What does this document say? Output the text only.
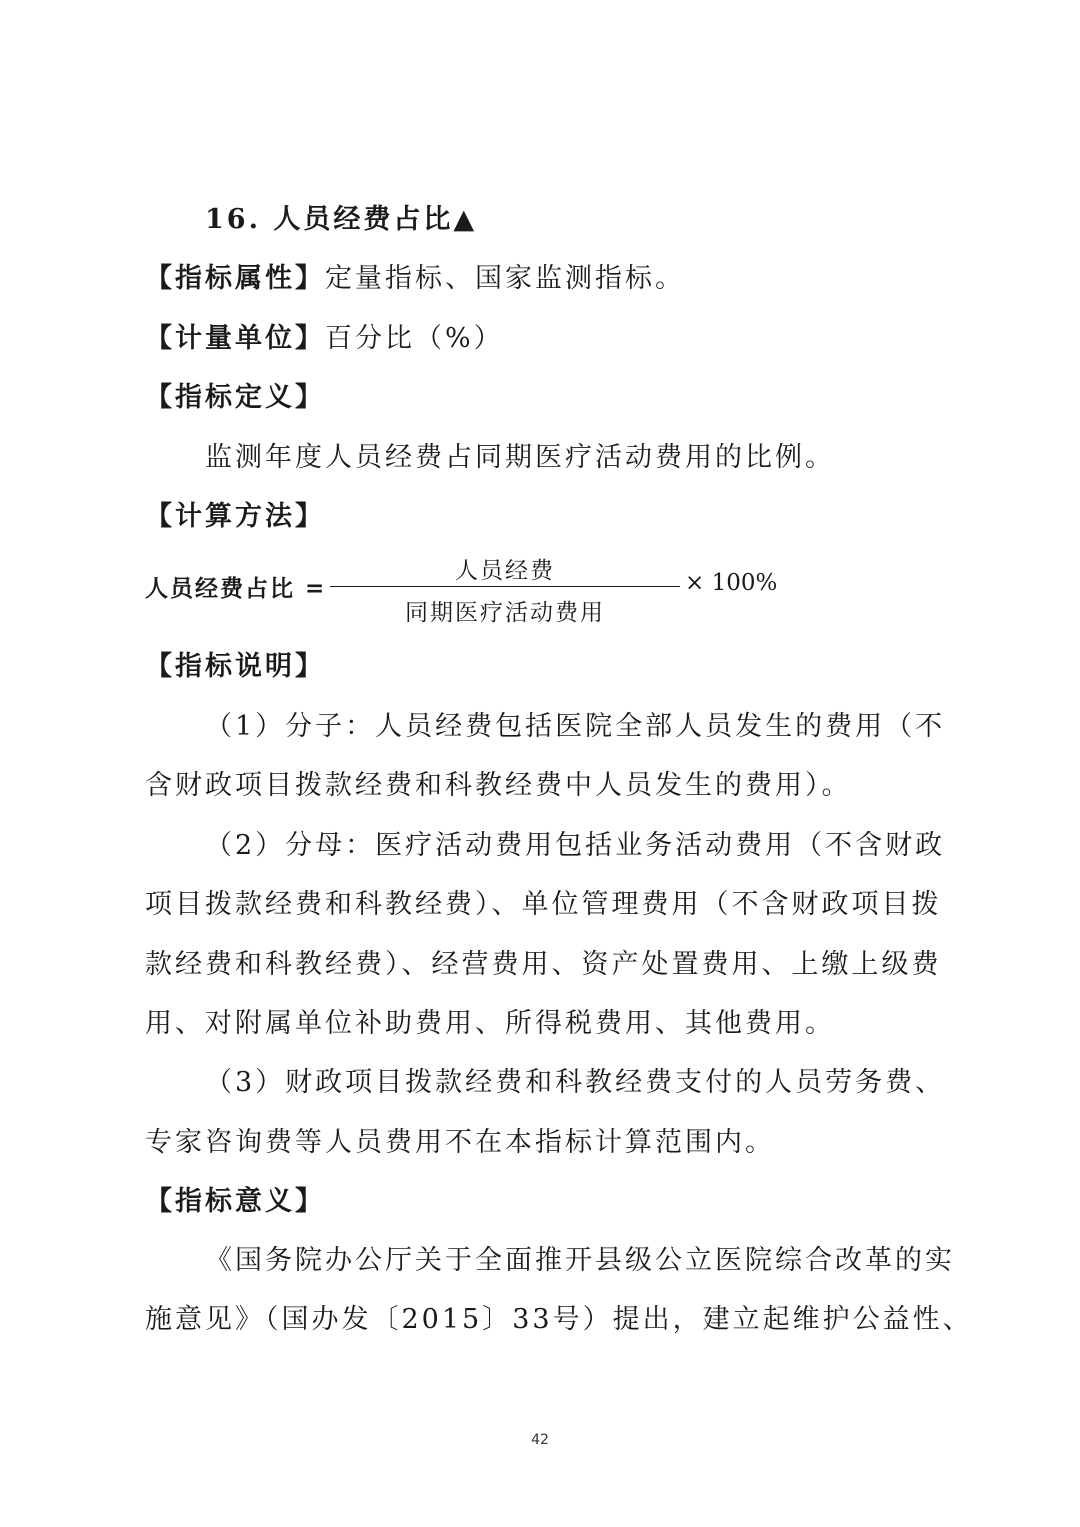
16. 人员经费占比▲
【指标属性】定量指标、国家监测指标。
【计量单位】百分比（%）
【指标定义】
监测年度人员经费占同期医疗活动费用的比例。
【计算方法】
人员经费占比 =
人员经费
同期医疗活动费用
× 100%
【指标说明】
（1）分子：人员经费包括医院全部人员发生的费用（不
含财政项目拨款经费和科教经费中人员发生的费用）。
（2）分母：医疗活动费用包括业务活动费用（不含财政
项目拨款经费和科教经费）、单位管理费用（不含财政项目拨
款经费和科教经费）、经营费用、资产处置费用、上缴上级费
用、对附属单位补助费用、所得税费用、其他费用。
（3）财政项目拨款经费和科教经费支付的人员劳务费、
专家咨询费等人员费用不在本指标计算范围内。
【指标意义】
《国务院办公厅关于全面推开县级公立医院综合改革的实
施意见》（国办发〔2015〕33号）提出，建立起维护公益性、
42
